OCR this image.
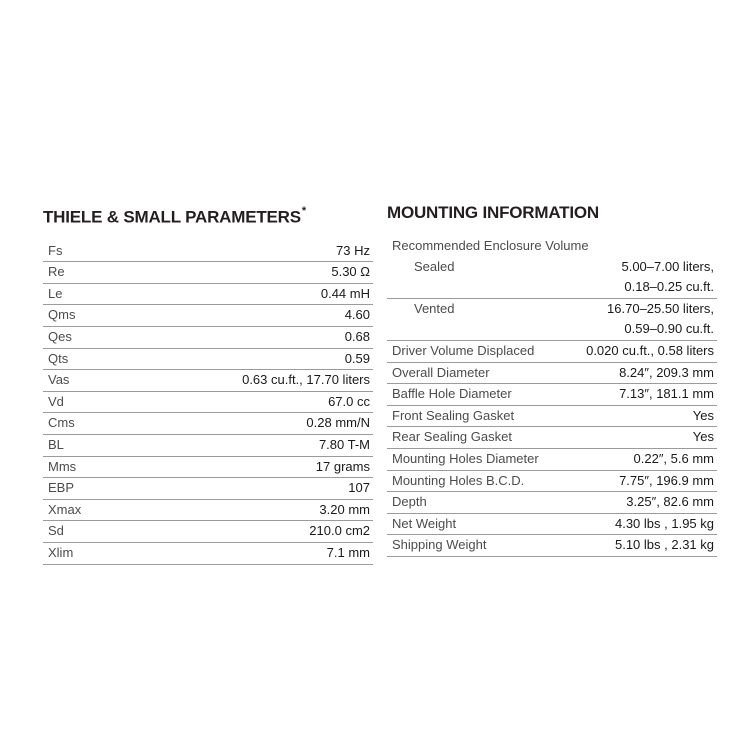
THIELE & SMALL PARAMETERS*
Fs	73 Hz
Re	5.30 Ω
Le	0.44 mH
Qms	4.60
Qes	0.68
Qts	0.59
Vas	0.63 cu.ft., 17.70 liters
Vd	67.0 cc
Cms	0.28 mm/N
BL	7.80 T-M
Mms	17 grams
EBP	107
Xmax	3.20 mm
Sd	210.0 cm2
Xlim	7.1 mm
MOUNTING INFORMATION
Recommended Enclosure Volume
Sealed	5.00–7.00 liters,
0.18–0.25 cu.ft.
Vented	16.70–25.50 liters,
0.59–0.90 cu.ft.
Driver Volume Displaced	0.020 cu.ft., 0.58 liters
Overall Diameter	8.24″, 209.3 mm
Baffle Hole Diameter	7.13″, 181.1 mm
Front Sealing Gasket	Yes
Rear Sealing Gasket	Yes
Mounting Holes Diameter	0.22″, 5.6 mm
Mounting Holes B.C.D.	7.75″, 196.9 mm
Depth	3.25″, 82.6 mm
Net Weight	4.30 lbs , 1.95 kg
Shipping Weight	5.10 lbs , 2.31 kg
